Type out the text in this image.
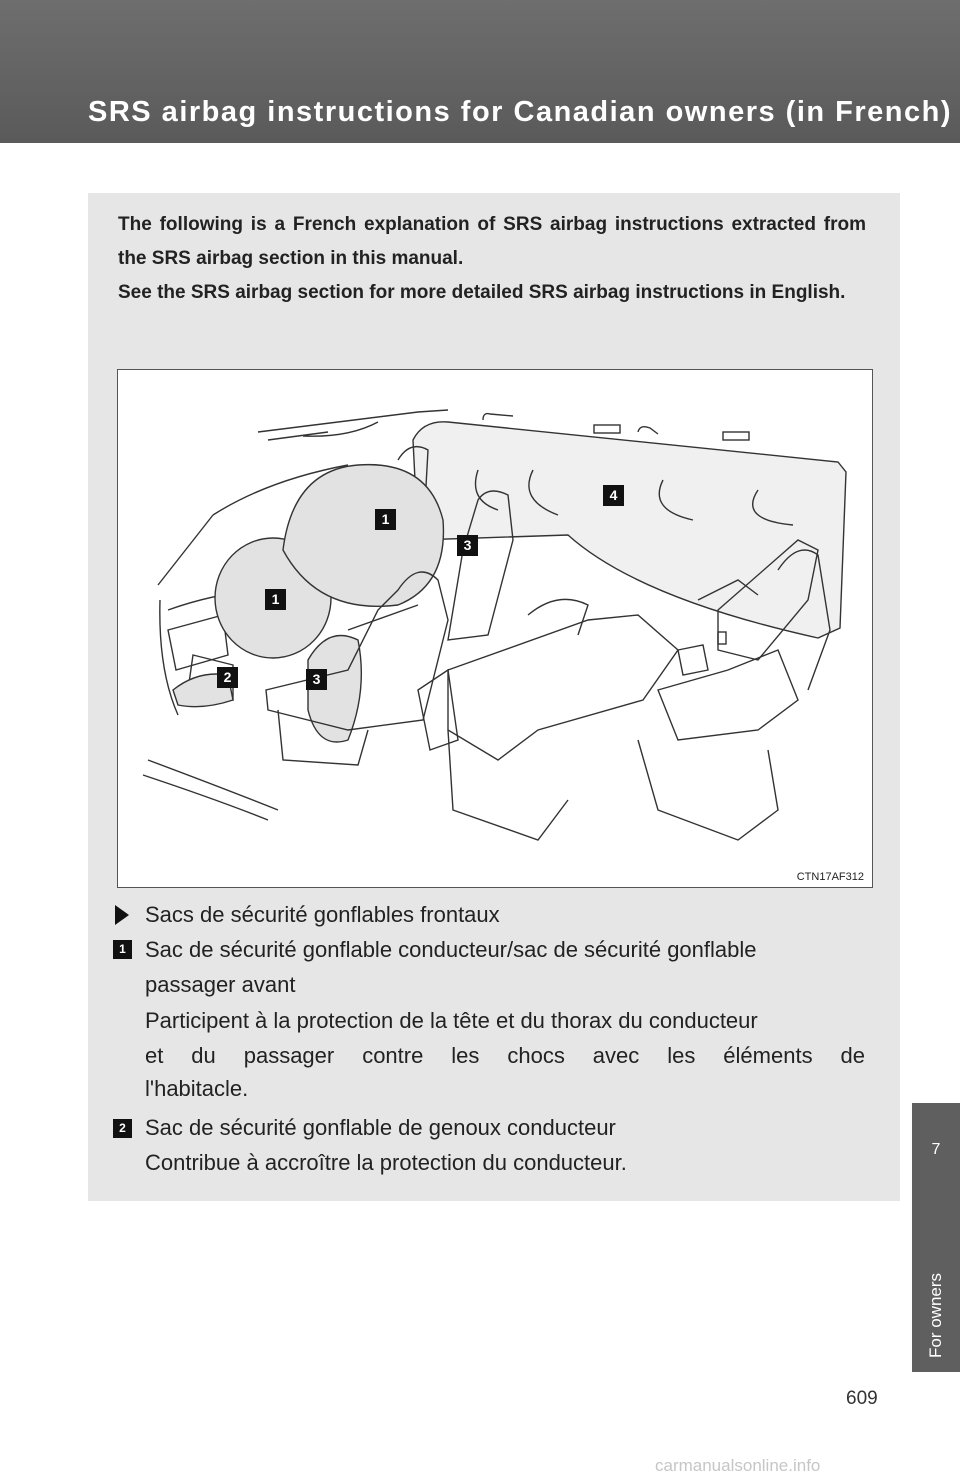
SRS airbag instructions for Canadian owners (in French)

The following is a French explanation of SRS airbag instructions extracted from the SRS airbag section in this manual.

See the SRS airbag section for more detailed SRS airbag instructions in English.

1
1
2
3
3
4
CTN17AF312

Sacs de sécurité gonflables frontaux

1 Sac de sécurité gonflable conducteur/sac de sécurité gonflable

passager avant

Participent à la protection de la tête et du thorax du conducteur

et du passager contre les chocs avec les éléments de

l'habitacle.

2 Sac de sécurité gonflable de genoux conducteur

Contribue à accroître la protection du conducteur.

7
For owners
609
carmanualsonline.info
